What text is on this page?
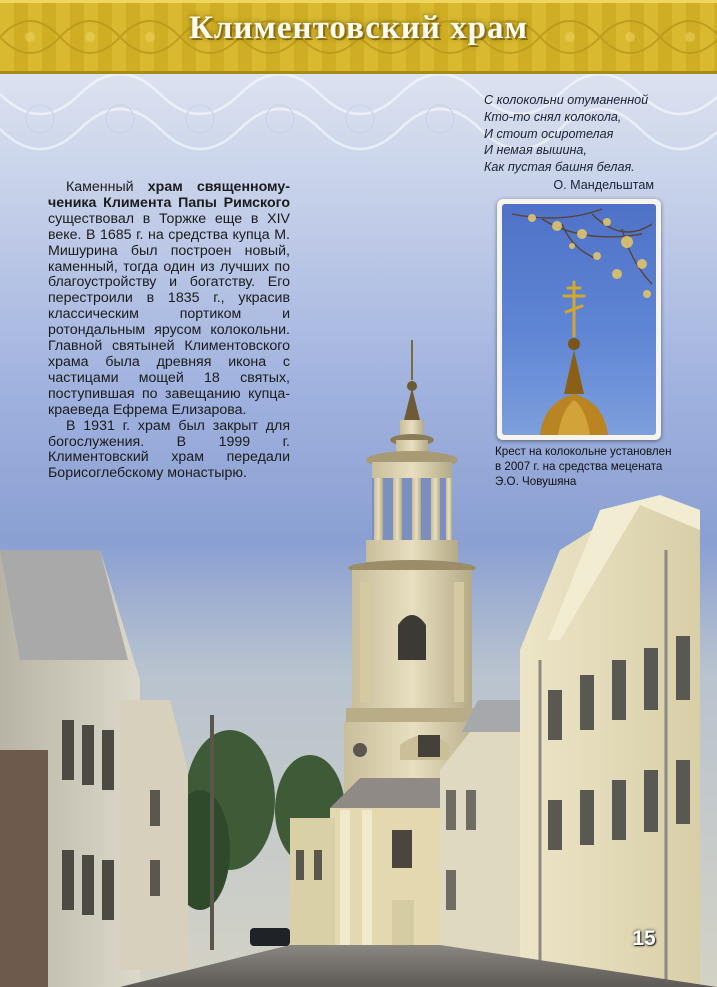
Климентовский храм

Каменный храм священному-ченика Климента Папы Римского существовал в Торжке еще в XIV веке. В 1685 г. на средства купца М. Мишурина был построен новый, каменный, тогда один из лучших по благоустройству и богатству. Его перестроили в 1835 г., украсив классическим портиком и ротондальным ярусом колокольни. Главной святыней Климентовского храма была древняя икона с частицами мощей 18 святых, поступившая по завещанию купца-краеведа Ефрема Елизарова.

В 1931 г. храм был закрыт для богослужения. В 1999 г. Климентовский храм передали Борисоглебскому монастырю.

С колокольни отуманенной
Кто-то снял колокола,
И стоит осиротелая
И немая вышина,
Как пустая башня белая.
О. Мандельштам
Крест на колокольне установлен
в 2007 г. на средства мецената
Э.О. Човушяна
15
